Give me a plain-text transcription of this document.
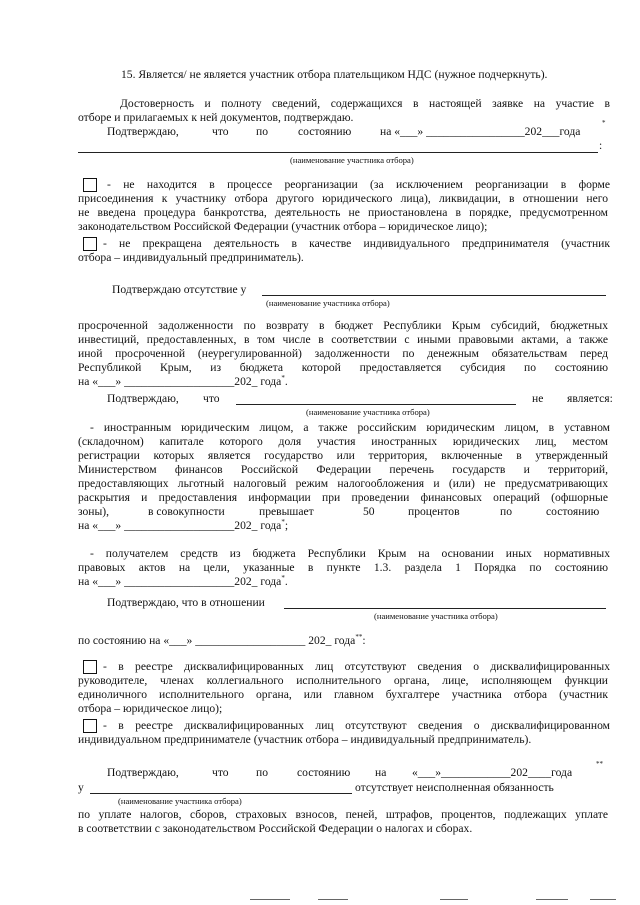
15. Является/ не является участник отбора плательщиком НДС (нужное подчеркнуть).
Достоверность и полноту сведений, содержащихся в настоящей заявке на участие в
отборе и прилагаемых к ней документов, подтверждаю.
Подтверждаю,	что по	состоянию на «___» _________________202___года
*
:
(наименование участника отбора)
- не находится в процессе реорганизации (за исключением реорганизации в форме
присоединения к участнику отбора другого юридического лица), ликвидации, в отношении него
не введена процедура банкротства, деятельность не приостановлена в порядке, предусмотренном
законодательством Российской Федерации (участник отбора – юридическое лицо);
- не прекращена деятельность в качестве индивидуального предпринимателя (участник
отбора – индивидуальный предприниматель).
Подтверждаю отсутствие у
(наименование участника отбора)
просроченной задолженности по возврату в бюджет Республики Крым субсидий, бюджетных
инвестиций, предоставленных, в том числе в соответствии с иными правовыми актами, а также
иной просроченной (неурегулированной) задолженности по денежным обязательствам перед
Республикой Крым, из бюджета которой предоставляется субсидия по состоянию
на «___» ___________________202_ года*.
Подтверждаю, что	не является:
(наименование участника отбора)
- иностранным юридическим лицом, а также российским юридическим лицом, в уставном
(складочном) капитале которого доля участия иностранных юридических лиц, местом
регистрации которых является государство или территория, включенные в утвержденный
Министерством финансов Российской Федерации перечень государств и территорий,
предоставляющих льготный налоговый режим налогообложения и (или) не предусматривающих
раскрытия и предоставления информации при проведении финансовых операций (офшорные
зоны),	в совокупности	превышает	50	процентов	по	состоянию
на «___» ___________________202_ года*;
- получателем средств из бюджета Республики Крым на основании иных нормативных
правовых актов на цели, указанные в пункте 1.3. раздела 1 Порядка по состоянию
на «___» ___________________202_ года*.
Подтверждаю, что в отношении
(наименование участника отбора)
по состоянию на «___» ___________________ 202_ года**:
- в реестре дисквалифицированных лиц отсутствуют сведения о дисквалифицированных
руководителе, членах коллегиального исполнительного органа, лице, исполняющем функции
единоличного исполнительного органа, или главном бухгалтере участника отбора (участник
отбора – юридическое лицо);
- в реестре дисквалифицированных лиц отсутствуют сведения о дисквалифицированном
индивидуальном предпринимателе (участник отбора – индивидуальный предприниматель).
Подтверждаю,	что по состоянию на «___»____________202____года
**
у	отсутствует неисполненная обязанность
(наименование участника отбора)
по уплате налогов, сборов, страховых взносов, пеней, штрафов, процентов, подлежащих уплате
в соответствии с законодательством Российской Федерации о налогах и сборах.
